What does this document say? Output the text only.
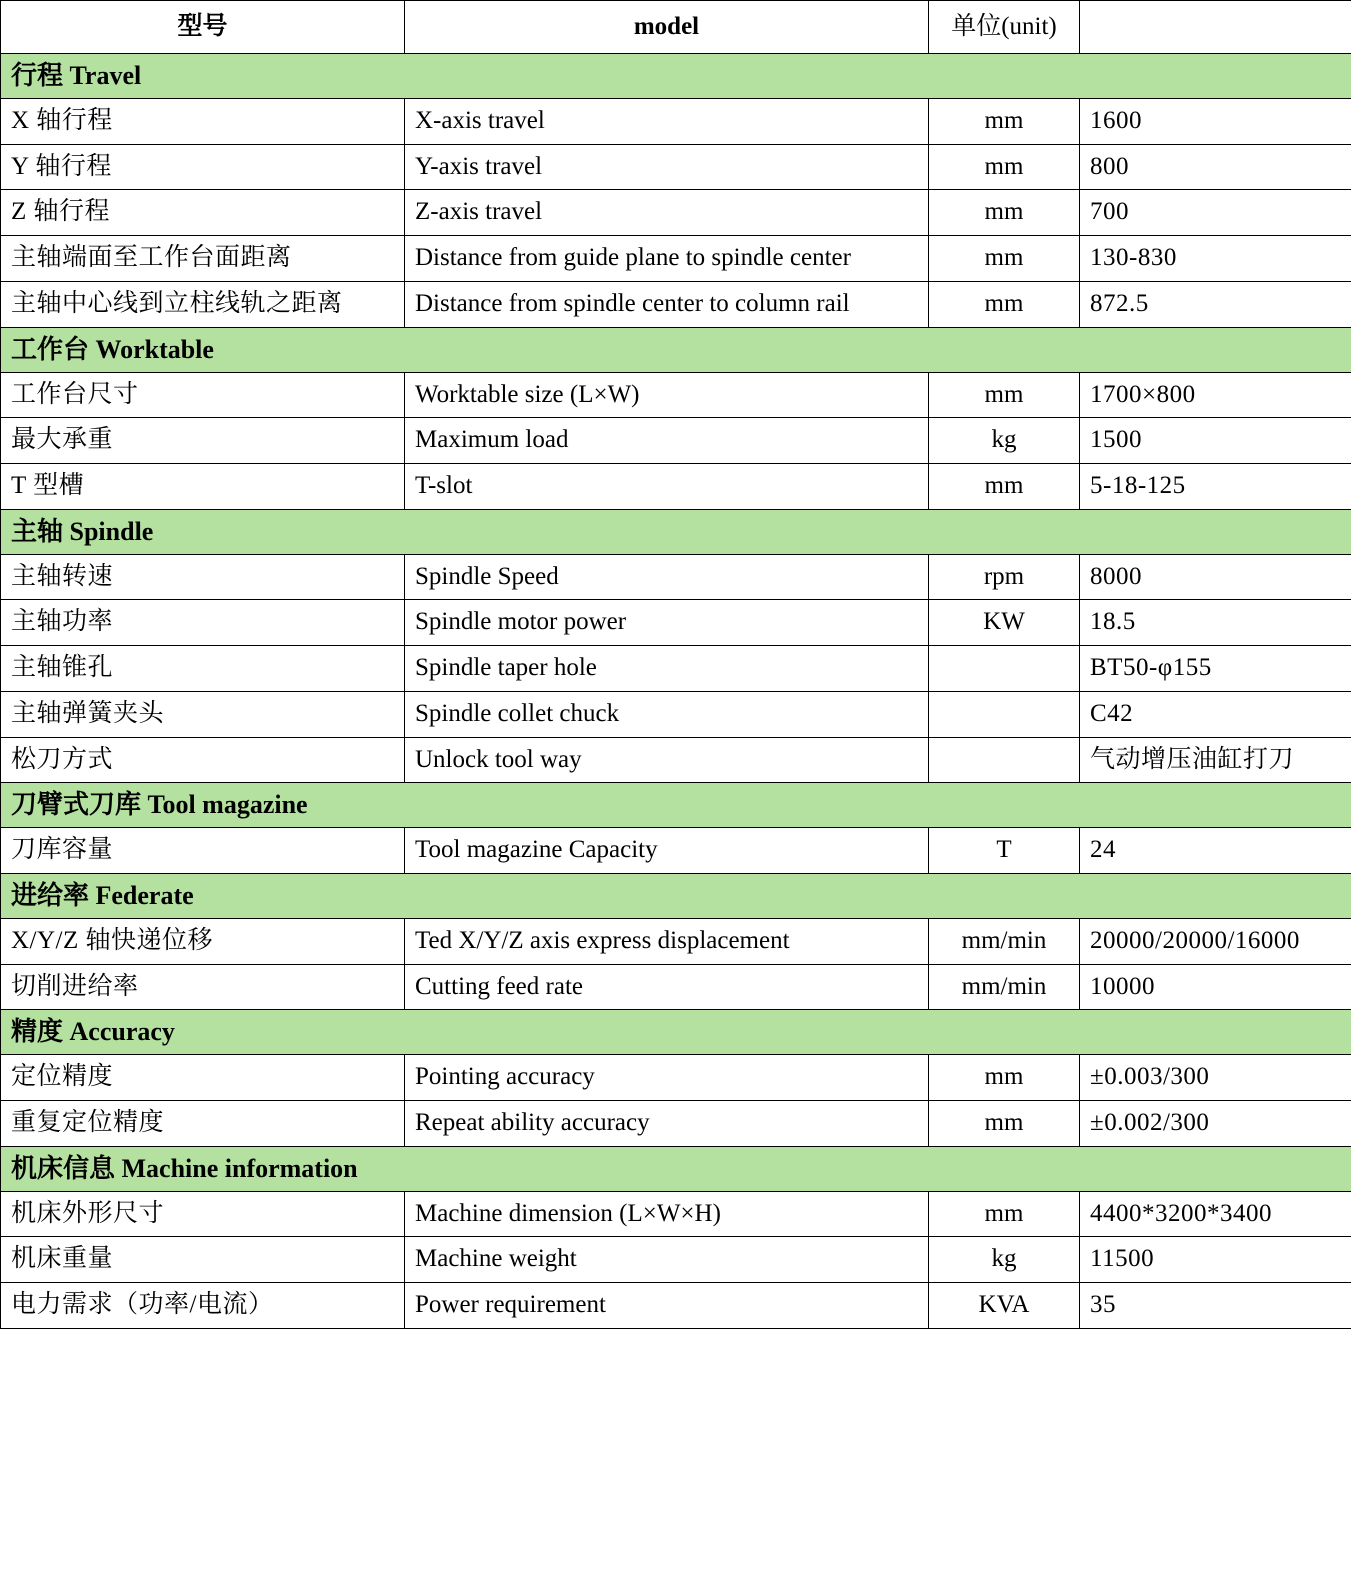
型号	model	单位(unit)	
行程 Travel			
X 轴行程	X-axis travel	mm	1600
Y 轴行程	Y-axis travel	mm	800
Z 轴行程	Z-axis travel	mm	700
主轴端面至工作台面距离	Distance from guide plane to spindle center	mm	130-830
主轴中心线到立柱线轨之距离	Distance from spindle center to column rail	mm	872.5
工作台 Worktable			
工作台尺寸	Worktable size (L×W)	mm	1700×800
最大承重	Maximum load	kg	1500
T 型槽	T-slot	mm	5-18-125
主轴 Spindle			
主轴转速	Spindle Speed	rpm	8000
主轴功率	Spindle motor power	KW	18.5
主轴锥孔	Spindle taper hole		BT50-φ155
主轴弹簧夹头	Spindle collet chuck		C42
松刀方式	Unlock tool way		气动增压油缸打刀
刀臂式刀库 Tool magazine			
刀库容量	Tool magazine Capacity	T	24
进给率 Federate			
X/Y/Z 轴快递位移	Ted X/Y/Z axis express displacement	mm/min	20000/20000/16000
切削进给率	Cutting feed rate	mm/min	10000
精度 Accuracy			
定位精度	Pointing accuracy	mm	±0.003/300
重复定位精度	Repeat ability accuracy	mm	±0.002/300
机床信息 Machine information			
机床外形尺寸	Machine dimension (L×W×H)	mm	4400*3200*3400
机床重量	Machine weight	kg	11500
电力需求（功率/电流）	Power requirement	KVA	35
